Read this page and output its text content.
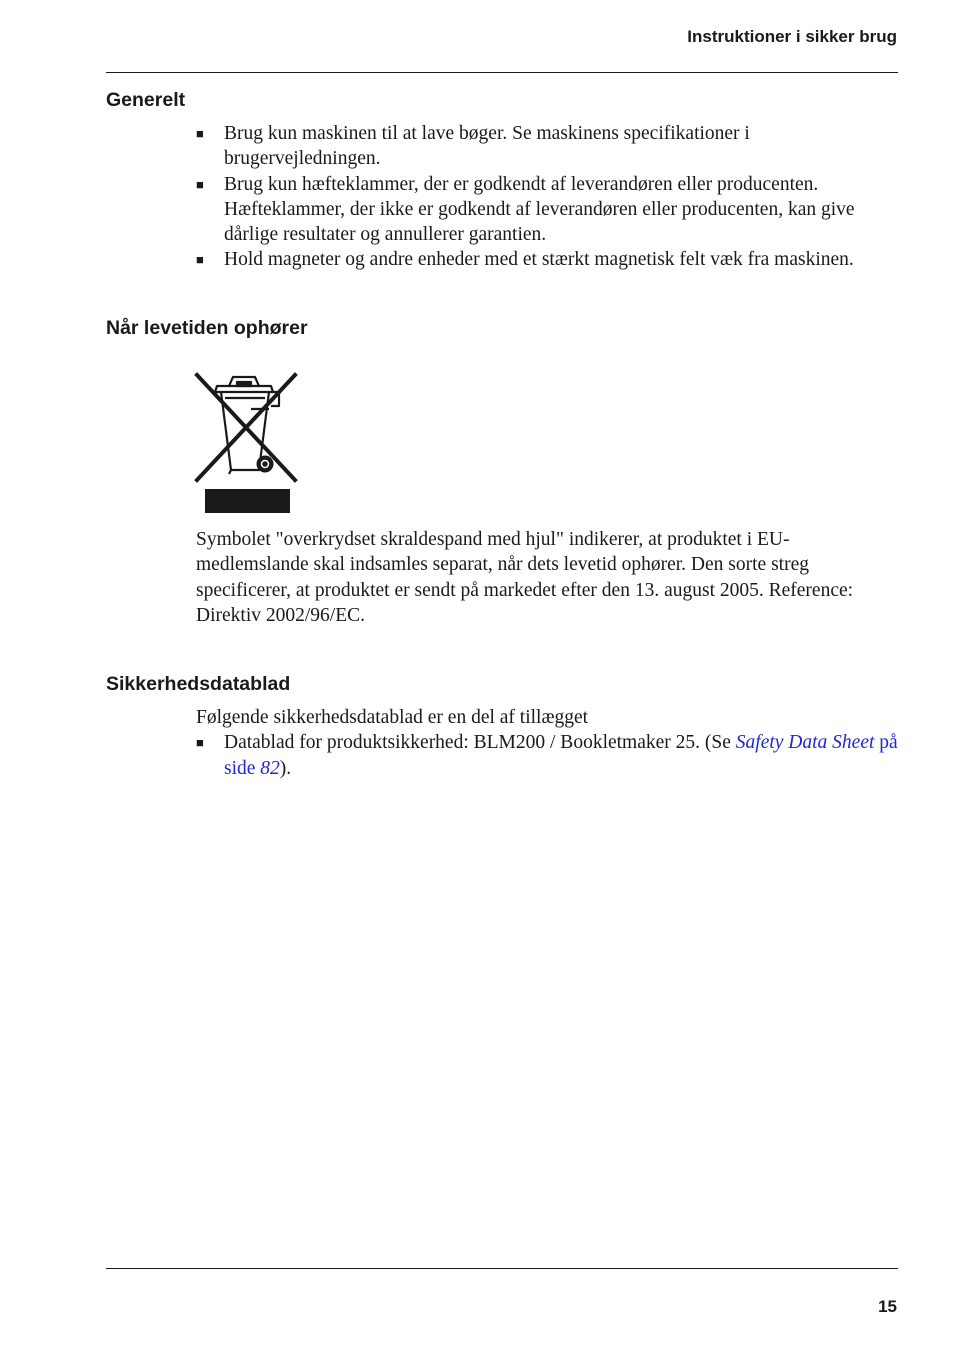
Instruktioner i sikker brug
Generelt
■ Brug kun maskinen til at lave bøger. Se maskinens specifikationer i brugervejledningen.
■ Brug kun hæfteklammer, der er godkendt af leverandøren eller producenten. Hæfteklammer, der ikke er godkendt af leverandøren eller producenten, kan give dårlige resultater og annullerer garantien.
■ Hold magneter og andre enheder med et stærkt magnetisk felt væk fra maskinen.
Når levetiden ophører

Symbolet "overkrydset skraldespand med hjul" indikerer, at produktet i EU-medlemslande skal indsamles separat, når dets levetid ophører. Den sorte streg specificerer, at produktet er sendt på markedet efter den 13. august 2005. Reference: Direktiv 2002/96/EC.

Sikkerhedsdatablad

Følgende sikkerhedsdatablad er en del af tillægget

■ Datablad for produktsikkerhed: BLM200 / Bookletmaker 25. (Se Safety Data Sheet på side 82).
15
